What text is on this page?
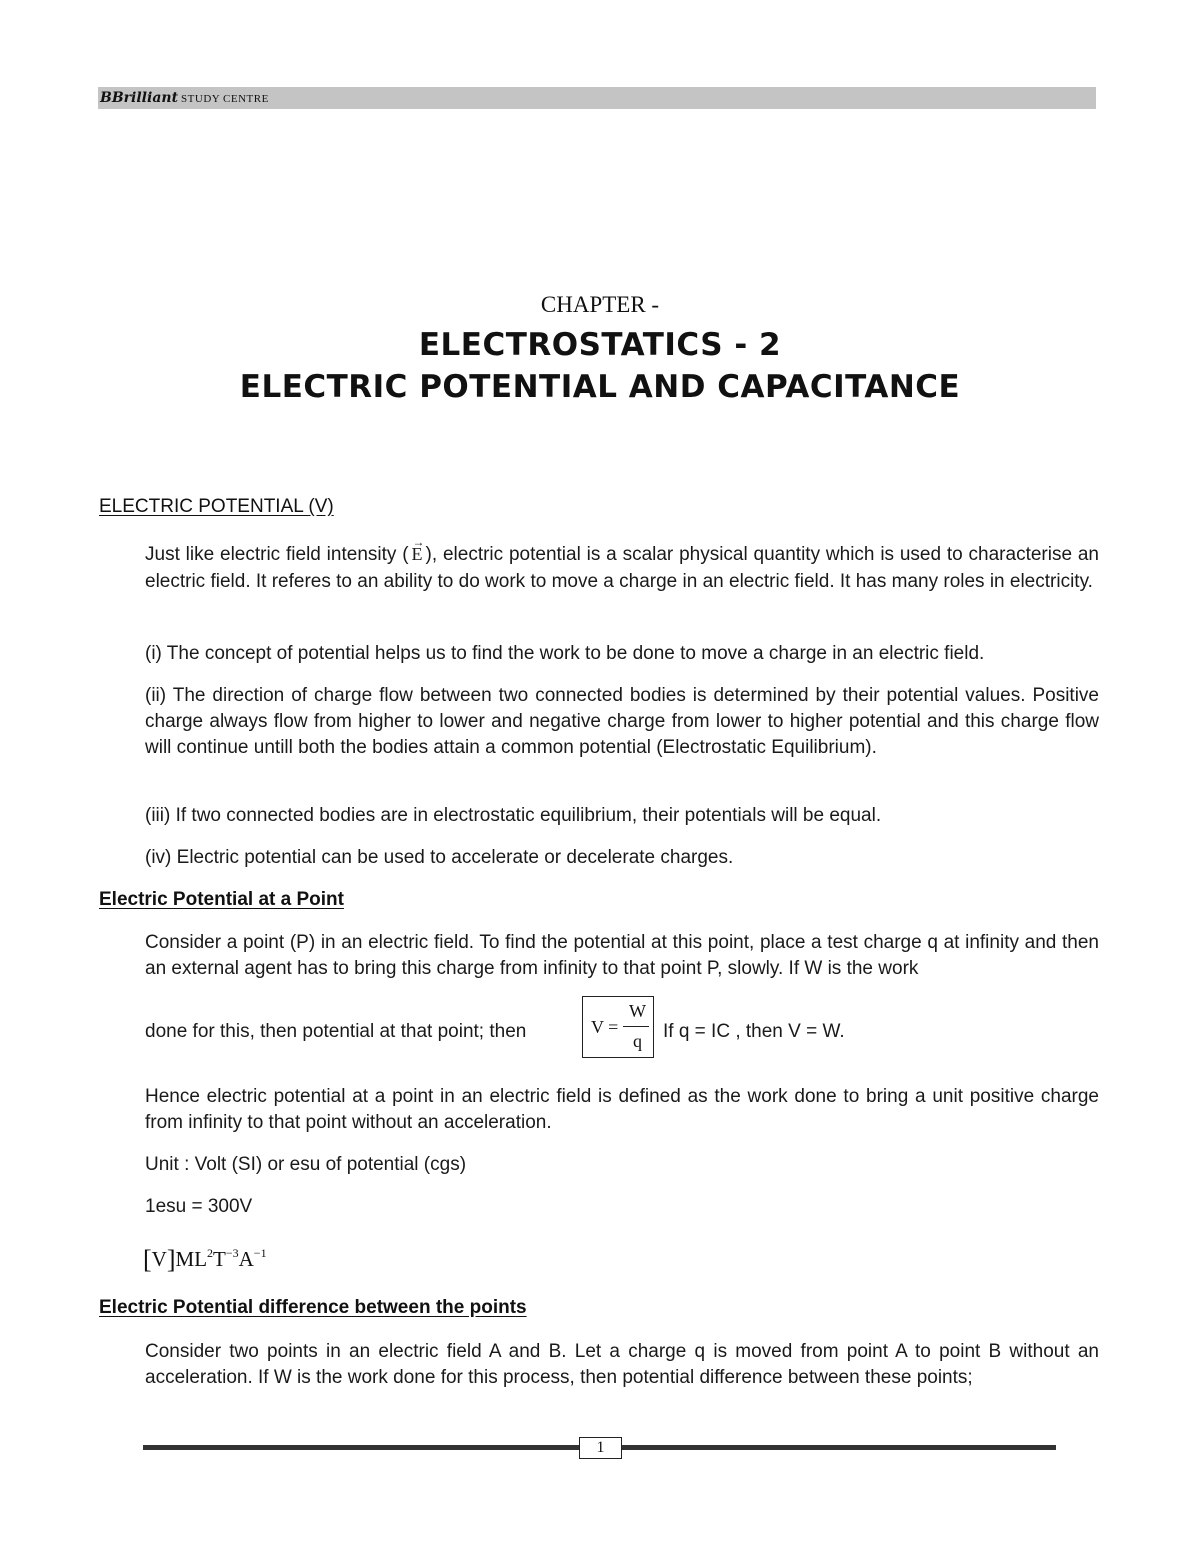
BBrilliant STUDY CENTRE
CHAPTER -
ELECTROSTATICS - 2
ELECTRIC POTENTIAL AND CAPACITANCE
ELECTRIC POTENTIAL (V)
Just like electric field intensity (
→
E ), electric potential is a scalar physical quantity which is used to characterise an electric field. It referes to an ability to do work to move a charge in an electric field. It has many roles in electricity.
(i) The concept of potential helps us to find the work to be done to move a charge in an electric field.
(ii) The direction of charge flow between two connected bodies is determined by their potential values. Positive charge always flow from higher to lower and negative charge from lower to higher potential and this charge flow will continue untill both the bodies attain a common potential (Electrostatic Equilibrium).
(iii) If two connected bodies are in electrostatic equilibrium, their potentials will be equal.
(iv) Electric potential can be used to accelerate or decelerate charges.
Electric Potential at a Point
Consider a point (P) in an electric field. To find the potential at this point, place a test charge q at infinity and then an external agent has to bring this charge from infinity to that point P, slowly. If W is the work
done for this, then potential at that point; then	V =
W
q If q = IC , then V = W.
Hence electric potential at a point in an electric field is defined as the work done to bring a unit positive charge from infinity to that point without an acceleration.
Unit : Volt (SI) or esu of potential (cgs)
1esu = 300V
$[V]ML^2T^{-3}A^{-1}$
Electric Potential difference between the points
Consider two points in an electric field A and B. Let a charge q is moved from point A to point B without an acceleration. If W is the work done for this process, then potential difference between these points;
1
